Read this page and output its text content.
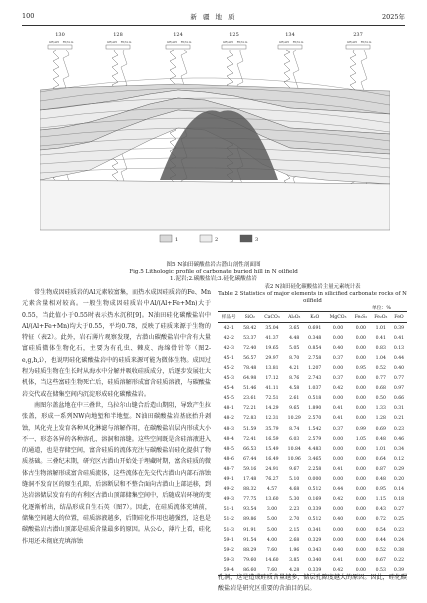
100	新 疆 地 质	2025年
130
GR/API RT/Ω·m
128
GR/API RT/Ω·m
124
GR/API RT/Ω·m
125
GR/API RT/Ω·m
134
GR/API RT/Ω·m
237
GR/API RT/Ω·m
1	2	3
图5 N油田碳酸盐岩古潜山剖性剖面图
Fig.5 Lithologic profile of carbonate buried hill in N oilfield
1.泥岩;2.碳酸盐岩;3.硅化碳酸盐岩

常生物成因硅质岩的Al元素较富集，而热水成因硅质岩的Fe、Mn元素含量相对较高。一般生物成因硅质岩中Al/(Al+Fe+Mn)大于0.55，当此值小于0.55时表示热水沉积[9]。N油田硅化碳酸盐岩中Al/(Al+Fe+Mn)均大于0.55，平均0.78，反映了硅质来源于生物的特征（表2）。此外，岩石薄片观察发现，古潜山碳酸盐岩中含有大量富硅质微体生物化石，主要为有孔虫、棘皮、海绵骨针等（图2-e,g,h,i），也说明硅化碳酸盐岩中的硅质来源可能为微体生物。成因过程为硅质生物在生长时从海水中分解并吸收硅质成分，后逐步发展壮大机体，当这些富硅生物死亡后，硅质溶解形成富含硅质溶液，与碳酸盐岩交代或在储集空间内沉淀形成硅化碳酸盐岩。

南图尔盖盆地在中三叠世，乌拉尔山缝合后造山期阻，导致产生拉张盖，形成一系列NW向地堑和半地堑。N油田碳酸盐岩基底抬升剥蚀，风化壳上发育各种风化淋滤与溶解作用，在碳酸盐岩层内形成大小不一、形态各异的各种溶孔、溶洞和溶缝。这些空间既是含硅溶液进入的通道，也是存储空间，富含硅质的流体充注与碳酸盐岩硅化提供了物质基础。三叠纪末期，研究区古潜山开始处于埋藏时期，富含硅质的微体古生物溶解形成富含硅质流体，这些流体在先交代古潜山内部石溶蚀缝洞不发育区的原生孔隙，后溶断层和不整合面向古潜山上部运移，到达岩溶储层发育有的有利区古潜山顶部储集空间中，后随成岩环境的变化逐渐析出，结晶形成自生石英（图7）。因此，在硅质流体充填前，储集空间越大的位置，硅质溶液越多，后期硅化作用也越强烈，这也是碳酸盐岩古潜山顶部是硅质含量最多的原因。从公心，薄片上看，硅化作用还未彻底充填溶蚀

表2 N油田硅化碳酸盐岩主量元素统计表
Table 2 Statistics of major elements in silicified carbonate rocks of N oilfield
单位：%
样品号	SiO₂	CaCO₃	Al₂O₃	K₂O	MgCO₃	Fe₂S₂	Fe₂O₃	FeO
42-1	58.42	35.04	3.65	0.691	0.00	0.00	1.01	0.39
42-2	53.37	41.37	4.48	0.348	0.00	0.00	0.41	0.41
42-3	72.40	19.65	5.05	0.854	0.40	0.00	0.83	0.13
45-1	56.57	29.97	8.70	2.758	0.37	0.00	1.04	0.44
45-2	78.48	13.81	4.21	1.207	0.00	0.95	0.52	0.40
45-3	64.98	17.12	8.76	2.743	0.37	0.00	0.77	0.77
45-4	51.46	41.11	4.58	1.037	0.42	0.00	0.68	0.97
45-5	23.61	72.51	2.61	0.518	0.00	0.00	0.50	0.66
48-1	72.21	14.29	9.65	1.890	0.41	0.00	1.33	0.31
48-2	72.83	12.31	10.29	2.570	0.41	0.00	1.28	0.21
48-3	51.59	35.79	8.74	1.542	0.37	0.99	0.69	0.23
48-4	72.41	16.59	6.03	2.579	0.00	1.05	0.48	0.46
48-5	66.53	15.49	10.84	4.483	0.00	0.00	1.01	0.34
48-6	67.44	16.49	10.96	3.465	0.00	0.00	0.64	0.12
48-7	59.16	24.91	9.67	2.258	0.41	0.00	0.87	0.29
49-1	17.48	76.27	5.10	0.000	0.00	0.00	0.48	0.20
49-2	88.32	4.57	4.68	0.512	0.44	0.00	0.95	0.14
49-3	77.75	13.60	5.30	0.169	0.42	0.00	1.15	0.18
51-1	93.54	3.00	2.23	0.339	0.00	0.00	0.43	0.27
51-2	89.86	5.00	2.70	0.512	0.40	0.00	0.72	0.25
51-3	91.91	5.00	2.15	0.341	0.00	0.00	0.54	0.23
59-1	91.54	4.00	2.68	0.329	0.00	0.00	0.44	0.24
59-2	88.29	7.60	1.96	0.343	0.40	0.00	0.52	0.38
59-3	79.60	14.60	3.85	0.340	0.41	0.00	0.67	0.22
59-4	86.60	7.60	4.28	0.339	0.42	0.00	0.53	0.39

孔洞，这是造成硅质含量越多，储层孔隙度越大的原因。因此，硅化碳酸盐岩是研究区重要的含油目的层。
